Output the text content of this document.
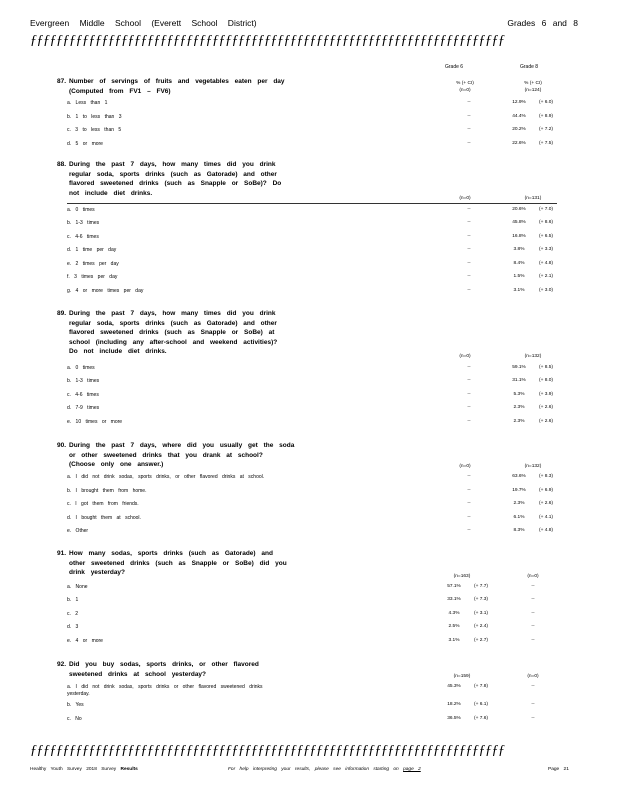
Evergreen Middle School (Everett School District)	Grades 6 and 8
ƒƒƒƒƒƒƒƒƒƒƒƒƒƒƒƒƒƒƒƒƒƒƒƒƒƒƒƒƒƒƒƒƒƒƒƒƒƒƒƒƒƒƒƒƒƒƒƒƒƒƒƒƒƒƒƒƒƒƒƒƒƒƒƒƒƒƒƒƒƒƒƒƒ
Grade 6	Grade 8
87. Number of servings of fruits and vegetables eaten per day
(Computed from FV1 – FV6)
% (+ CI)
(n=0)
% (+ CI)
(n=124)
a. Less than 1	--	12.9%	(+ 6.0)
b. 1 to less than 3	--	44.4%	(+ 8.9)
c. 3 to less than 5	--	20.2%	(+ 7.2)
d. 5 or more	--	22.6%	(+ 7.5)
88. During the past 7 days, how many times did you drink
regular soda, sports drinks (such as Gatorade) and other
flavored sweetened drinks (such as Snapple or SoBe)? Do
not include diet drinks.
(n=0)	(n=131)
a. 0 times	--	20.6%	(+ 7.0)
b. 1-3 times	--	45.8%	(+ 8.6)
c. 4-6 times	--	16.8%	(+ 6.5)
d. 1 time per day	--	3.8%	(+ 3.3)
e. 2 times per day	--	8.4%	(+ 4.8)
f. 3 times per day	--	1.5%	(+ 2.1)
g. 4 or more times per day	--	3.1%	(+ 3.0)
89. During the past 7 days, how many times did you drink
regular soda, sports drinks (such as Gatorade) and other
flavored sweetened drinks (such as Snapple or SoBe) at
school (including any after-school and weekend activities)?
Do not include diet drinks.
(n=0)	(n=132)
a. 0 times	--	59.1%	(+ 8.5)
b. 1-3 times	--	31.1%	(+ 8.0)
c. 4-6 times	--	5.3%	(+ 3.9)
d. 7-9 times	--	2.3%	(+ 2.6)
e. 10 times or more	--	2.3%	(+ 2.6)
90. During the past 7 days, where did you usually get the soda
or other sweetened drinks that you drank at school?
(Choose only one answer.)	(n=0)	(n=132)
a. I did not drink sodas, sports drinks, or other flavored drinks at school.	--	63.6%	(+ 8.3)
b. I brought them from home.	--	19.7%	(+ 6.9)
c. I got them from friends.	--	2.3%	(+ 2.6)
d. I bought them at school.	--	6.1%	(+ 4.1)
e. Other	--	8.3%	(+ 4.8)
91. How many sodas, sports drinks (such as Gatorade) and
other sweetened drinks (such as Snapple or SoBe) did you
drink yesterday?
(n=163)	(n=0)
a. None	57.1%	(+ 7.7)	--
b. 1	33.1%	(+ 7.3)	--
c. 2	4.3%	(+ 3.1)	--
d. 3	2.5%	(+ 2.4)	--
e. 4 or more	3.1%	(+ 2.7)	--
92. Did you buy sodas, sports drinks, or other flavored
sweetened drinks at school yesterday?	(n=159)	(n=0)
a. I did not drink sodas, sports drinks or other flavored sweetened drinks
yesterday.
45.3%	(+ 7.8)	--
b. Yes	18.2%	(+ 6.1)	--
c. No	36.5%	(+ 7.6)	--
ƒƒƒƒƒƒƒƒƒƒƒƒƒƒƒƒƒƒƒƒƒƒƒƒƒƒƒƒƒƒƒƒƒƒƒƒƒƒƒƒƒƒƒƒƒƒƒƒƒƒƒƒƒƒƒƒƒƒƒƒƒƒƒƒƒƒƒƒƒƒƒƒƒ
Healthy Youth Survey 2018 Survey Results	For help interpreting your results, please see information starting on page 2	Page 21
